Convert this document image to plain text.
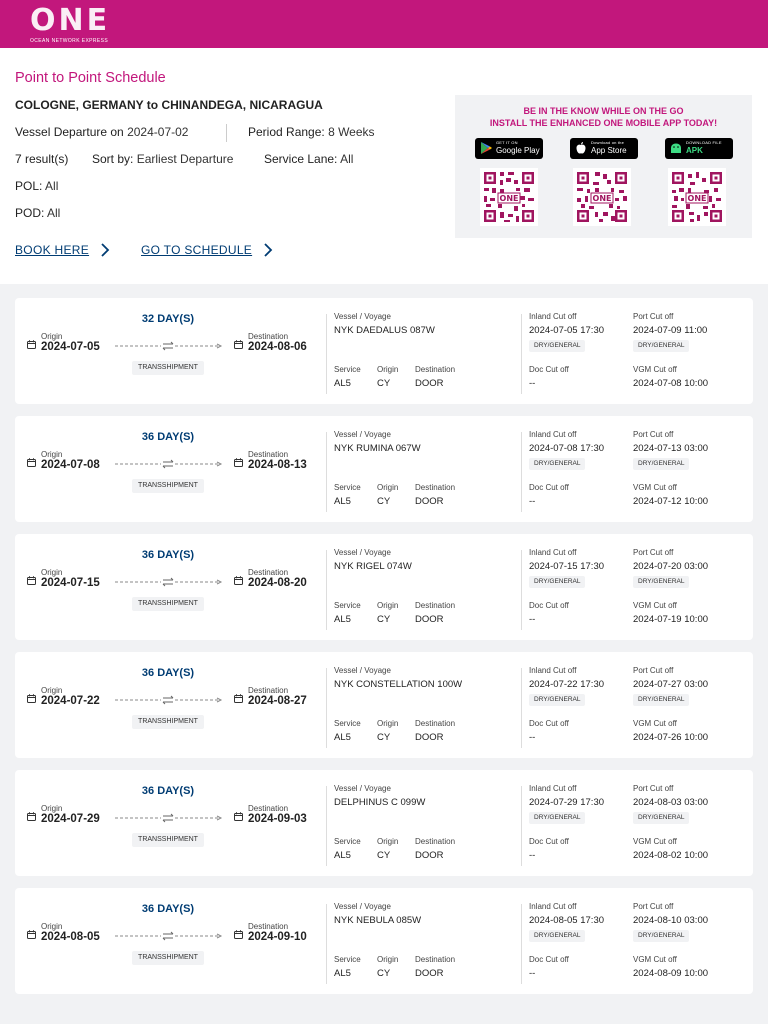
ONE
OCEAN NETWORK EXPRESS
Point to Point Schedule
COLOGNE, GERMANY to CHINANDEGA, NICARAGUA
Vessel Departure on 2024-07-02	Period Range: 8 Weeks
7 result(s) Sort by: Earliest Departure	Service Lane: All
POL: All
POD: All
BOOK HERE	GO TO SCHEDULE
BE IN THE KNOW WHILE ON THE GO
INSTALL THE ENHANCED ONE MOBILE APP TODAY!
GET IT ON
Google Play
Download on the
App Store
DOWNLOAD FILE
APK
ONE	ONE	ONE
32 DAY(S)
Origin
2024-07-05
TRANSSHIPMENT
Destination
2024-08-06
Vessel / Voyage
NYK DAEDALUS 087W
Service
AL5
Origin
CY
Destination
DOOR
Inland Cut off
2024-07-05 17:30
DRY/GENERAL
Doc Cut off
--
Port Cut off
2024-07-09 11:00
DRY/GENERAL
VGM Cut off
2024-07-08 10:00
36 DAY(S)
Origin
2024-07-08
TRANSSHIPMENT
Destination
2024-08-13
Vessel / Voyage
NYK RUMINA 067W
Service
AL5
Origin
CY
Destination
DOOR
Inland Cut off
2024-07-08 17:30
DRY/GENERAL
Doc Cut off
--
Port Cut off
2024-07-13 03:00
DRY/GENERAL
VGM Cut off
2024-07-12 10:00
36 DAY(S)
Origin
2024-07-15
TRANSSHIPMENT
Destination
2024-08-20
Vessel / Voyage
NYK RIGEL 074W
Service
AL5
Origin
CY
Destination
DOOR
Inland Cut off
2024-07-15 17:30
DRY/GENERAL
Doc Cut off
--
Port Cut off
2024-07-20 03:00
DRY/GENERAL
VGM Cut off
2024-07-19 10:00
36 DAY(S)
Origin
2024-07-22
TRANSSHIPMENT
Destination
2024-08-27
Vessel / Voyage
NYK CONSTELLATION 100W
Service
AL5
Origin
CY
Destination
DOOR
Inland Cut off
2024-07-22 17:30
DRY/GENERAL
Doc Cut off
--
Port Cut off
2024-07-27 03:00
DRY/GENERAL
VGM Cut off
2024-07-26 10:00
36 DAY(S)
Origin
2024-07-29
TRANSSHIPMENT
Destination
2024-09-03
Vessel / Voyage
DELPHINUS C 099W
Service
AL5
Origin
CY
Destination
DOOR
Inland Cut off
2024-07-29 17:30
DRY/GENERAL
Doc Cut off
--
Port Cut off
2024-08-03 03:00
DRY/GENERAL
VGM Cut off
2024-08-02 10:00
36 DAY(S)
Origin
2024-08-05
TRANSSHIPMENT
Destination
2024-09-10
Vessel / Voyage
NYK NEBULA 085W
Service
AL5
Origin
CY
Destination
DOOR
Inland Cut off
2024-08-05 17:30
DRY/GENERAL
Doc Cut off
--
Port Cut off
2024-08-10 03:00
DRY/GENERAL
VGM Cut off
2024-08-09 10:00
